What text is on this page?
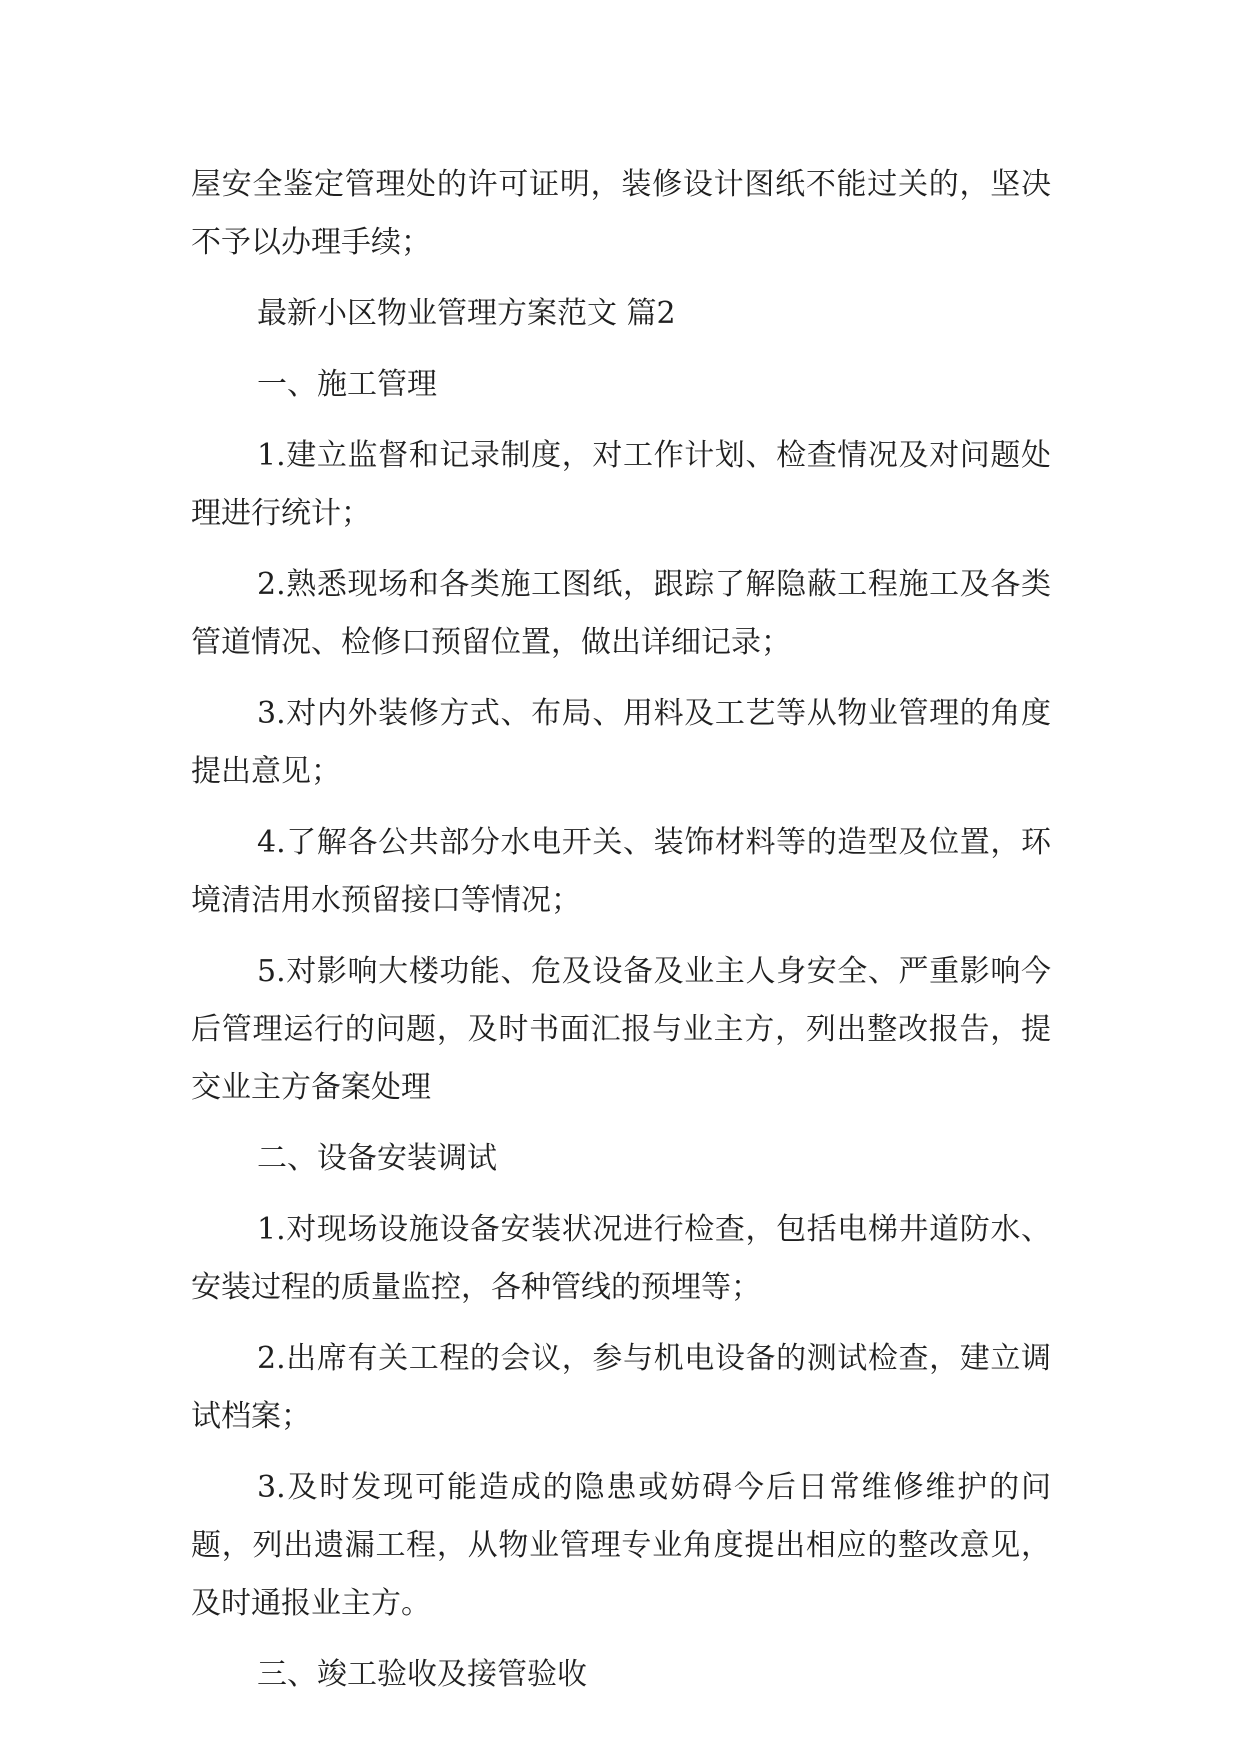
屋安全鉴定管理处的许可证明，装修设计图纸不能过关的，坚决不予以办理手续；

最新小区物业管理方案范文 篇2

一、施工管理

1.建立监督和记录制度，对工作计划、检查情况及对问题处理进行统计；

2.熟悉现场和各类施工图纸，跟踪了解隐蔽工程施工及各类管道情况、检修口预留位置，做出详细记录；

3.对内外装修方式、布局、用料及工艺等从物业管理的角度提出意见；

4.了解各公共部分水电开关、装饰材料等的造型及位置，环境清洁用水预留接口等情况；

5.对影响大楼功能、危及设备及业主人身安全、严重影响今后管理运行的问题，及时书面汇报与业主方，列出整改报告，提交业主方备案处理

二、设备安装调试

1.对现场设施设备安装状况进行检查，包括电梯井道防水、安装过程的质量监控，各种管线的预埋等；

2.出席有关工程的会议，参与机电设备的测试检查，建立调试档案；

3.及时发现可能造成的隐患或妨碍今后日常维修维护的问题，列出遗漏工程，从物业管理专业角度提出相应的整改意见，及时通报业主方。

三、竣工验收及接管验收
